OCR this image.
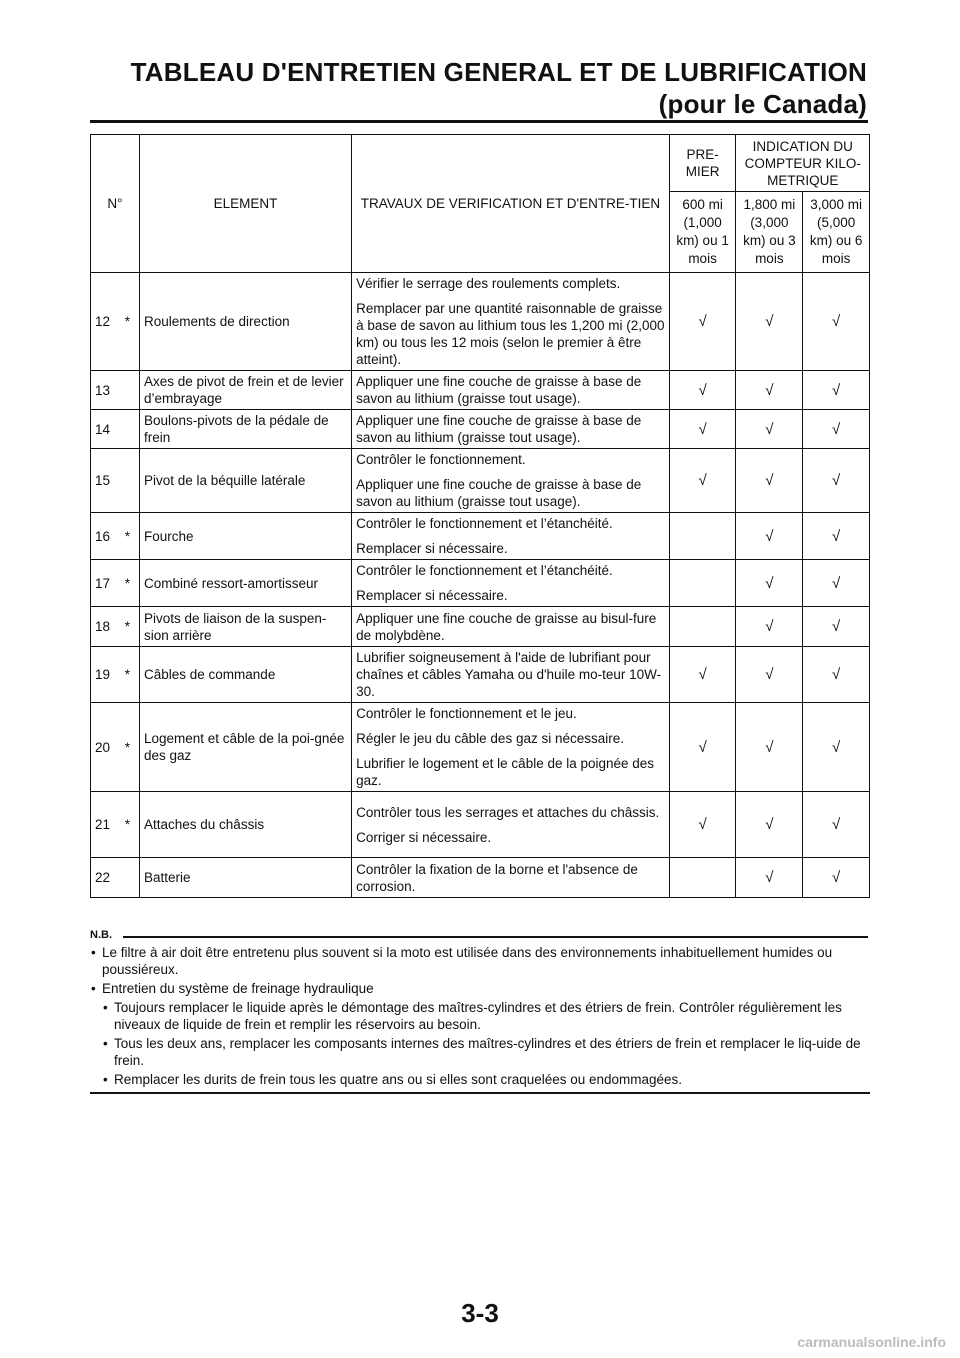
TABLEAU D'ENTRETIEN GENERAL ET DE LUBRIFICATION
(pour le Canada)
N°		ELEMENT	TRAVAUX DE VERIFICATION ET D'ENTRE-TIEN	PRE-MIER	INDICATION DU COMPTEUR KILO-METRIQUE	
				600 mi (1,000 km) ou 1 mois	1,800 mi (3,000 km) ou 3 mois	3,000 mi (5,000 km) ou 6 mois
12	*	Roulements de direction	Vérifier le serrage des roulements complets.

Remplacer par une quantité raisonnable de graisse à base de savon au lithium tous les 1,200 mi (2,000 km) ou tous les 12 mois (selon le premier à être atteint).	√	√	√
13		Axes de pivot de frein et de levier d’embrayage	Appliquer une fine couche de graisse à base de savon au lithium (graisse tout usage).	√	√	√
14		Boulons-pivots de la pédale de frein	Appliquer une fine couche de graisse à base de savon au lithium (graisse tout usage).	√	√	√
15		Pivot de la béquille latérale	Contrôler le fonctionnement.

Appliquer une fine couche de graisse à base de savon au lithium (graisse tout usage).	√	√	√
16	*	Fourche	Contrôler le fonctionnement et l’étanchéité.

Remplacer si nécessaire.		√	√
17	*	Combiné ressort-amortisseur	Contrôler le fonctionnement et l’étanchéité.

Remplacer si nécessaire.		√	√
18	*	Pivots de liaison de la suspen-sion arrière	Appliquer une fine couche de graisse au bisul-fure de molybdène.		√	√
19	*	Câbles de commande	Lubrifier soigneusement à l'aide de lubrifiant pour chaînes et câbles Yamaha ou d'huile mo-teur 10W-30.	√	√	√
20	*	Logement et câble de la poi-gnée des gaz	Contrôler le fonctionnement et le jeu.

Régler le jeu du câble des gaz si nécessaire.

Lubrifier le logement et le câble de la poignée des gaz.	√	√	√
21	*	Attaches du châssis	Contrôler tous les serrages et attaches du châssis.

Corriger si nécessaire.	√	√	√
22		Batterie	Contrôler la fixation de la borne et l'absence de corrosion.		√	√
N.B.
• Le filtre à air doit être entretenu plus souvent si la moto est utilisée dans des environnements inhabituellement humides ou poussiéreux.
• Entretien du système de freinage hydraulique
• Toujours remplacer le liquide après le démontage des maîtres-cylindres et des étriers de frein. Contrôler régulièrement les niveaux de liquide de frein et remplir les réservoirs au besoin.
• Tous les deux ans, remplacer les composants internes des maîtres-cylindres et des étriers de frein et remplacer le liq-uide de frein.
• Remplacer les durits de frein tous les quatre ans ou si elles sont craquelées ou endommagées.
3-3
carmanualsonline.info
